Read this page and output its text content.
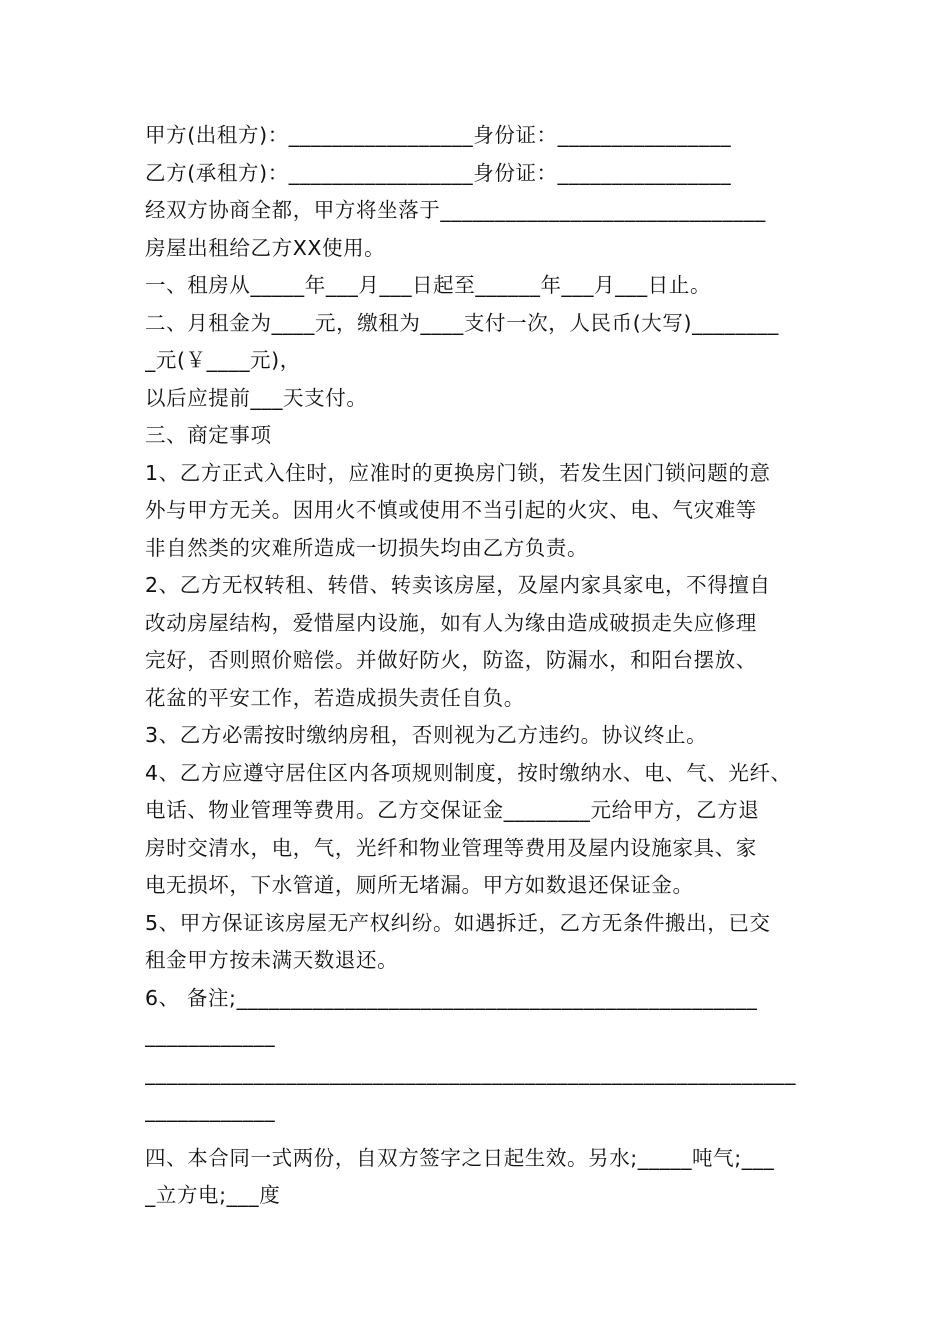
甲方(出租方)：_________________身份证：________________
乙方(承租方)：_________________身份证：________________
经双方协商全都，甲方将坐落于______________________________
房屋出租给乙方XX使用。
一、租房从_____年___月___日起至______年___月___日止。
二、月租金为____元，缴租为____支付一次，人民币(大写)________
_元(￥____元)，
以后应提前___天支付。
三、商定事项
1、乙方正式入住时，应准时的更换房门锁，若发生因门锁问题的意
外与甲方无关。因用火不慎或使用不当引起的火灾、电、气灾难等
非自然类的灾难所造成一切损失均由乙方负责。
2、乙方无权转租、转借、转卖该房屋，及屋内家具家电，不得擅自
改动房屋结构，爱惜屋内设施，如有人为缘由造成破损走失应修理
完好，否则照价赔偿。并做好防火，防盗，防漏水，和阳台摆放、
花盆的平安工作，若造成损失责任自负。
3、乙方必需按时缴纳房租，否则视为乙方违约。协议终止。
4、乙方应遵守居住区内各项规则制度，按时缴纳水、电、气、光纤、
电话、物业管理等费用。乙方交保证金________元给甲方，乙方退
房时交清水，电，气，光纤和物业管理等费用及屋内设施家具、家
电无损坏，下水管道，厕所无堵漏。甲方如数退还保证金。
5、甲方保证该房屋无产权纠纷。如遇拆迁，乙方无条件搬出，已交
租金甲方按未满天数退还。
6、 备注;________________________________________________
____________
____________________________________________________________
____________
四、本合同一式两份，自双方签字之日起生效。另水;_____吨气;___
_立方电;___度
